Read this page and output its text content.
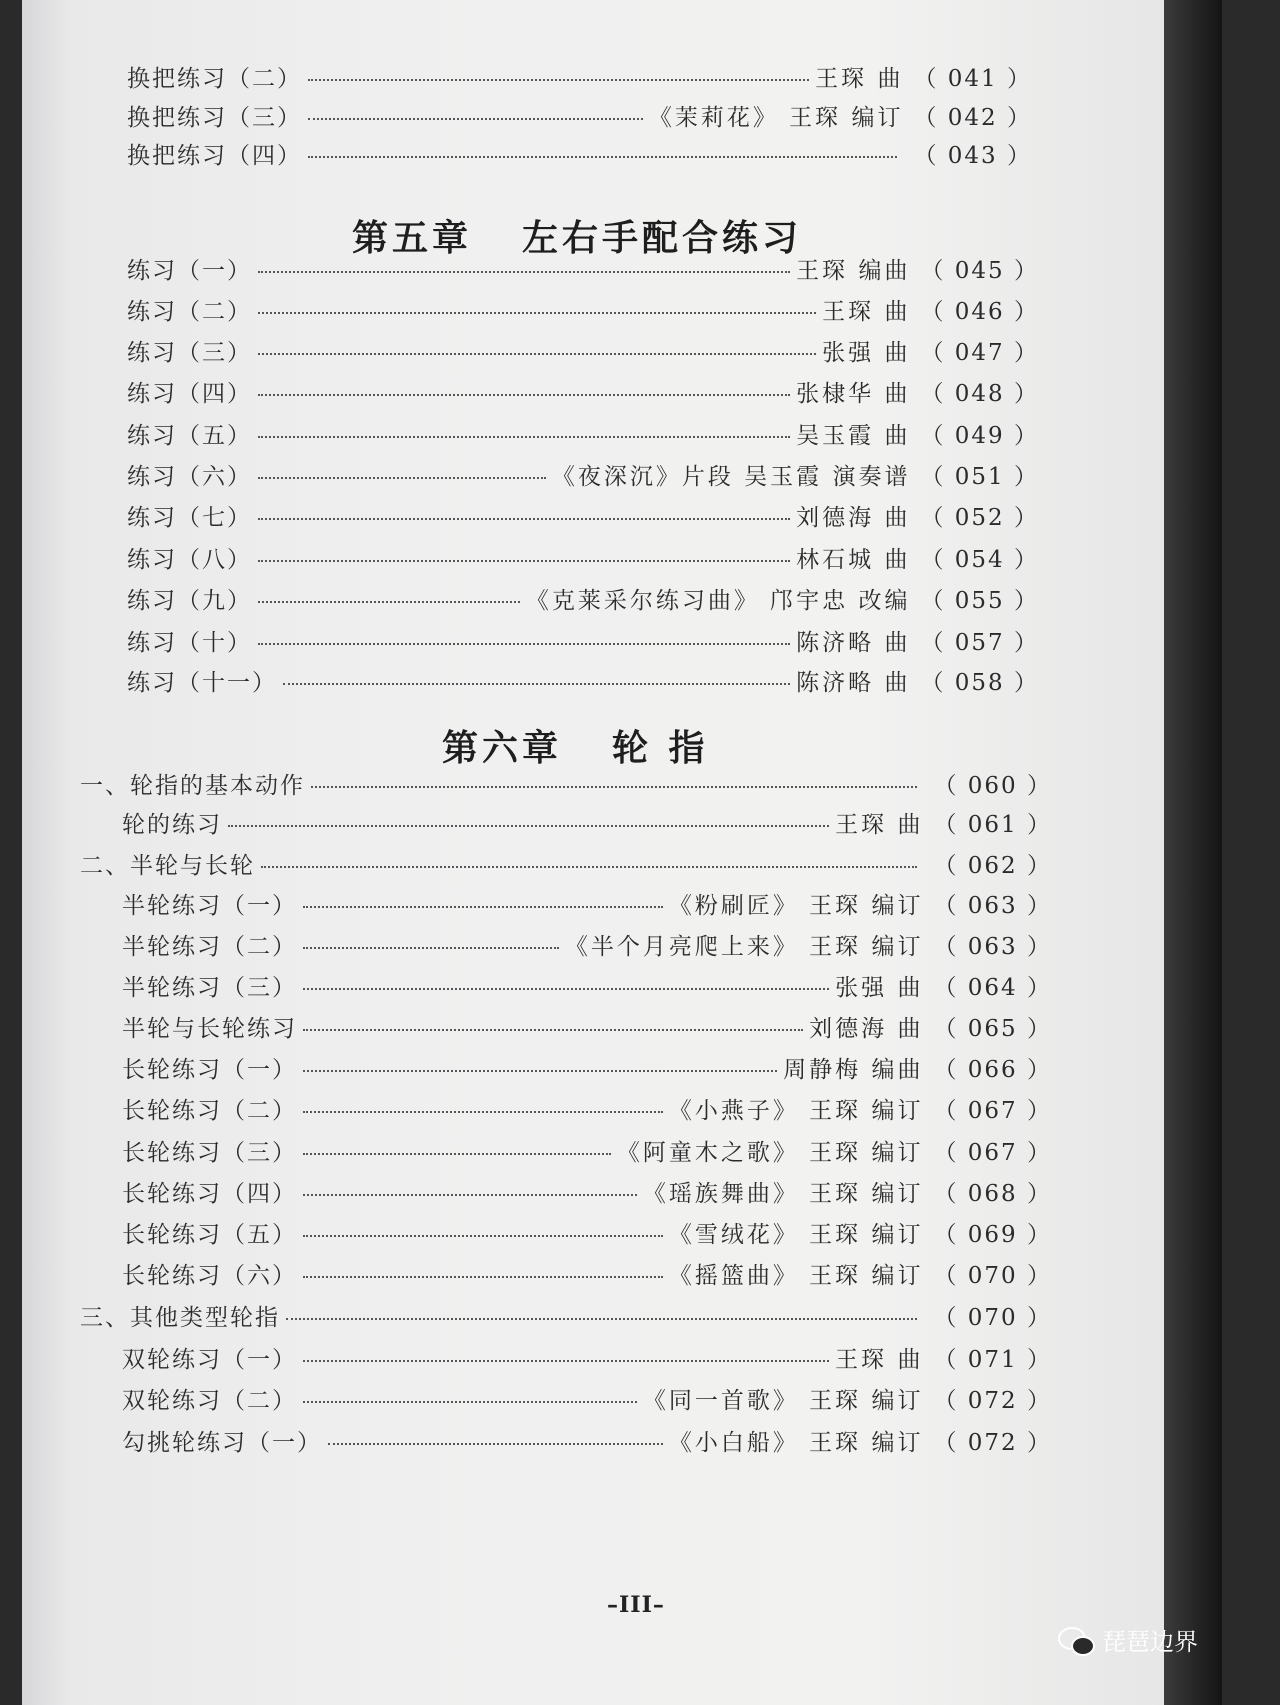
换把练习（二）	王琛 曲 （ 041 ）
换把练习（三）	《茉莉花》 王琛 编订 （ 042 ）
换把练习（四）	（ 043 ）
第五章 左右手配合练习
练习（一）	王琛 编曲 （ 045 ）
练习（二）	王琛 曲 （ 046 ）
练习（三）	张强 曲 （ 047 ）
练习（四）	张棣华 曲 （ 048 ）
练习（五）	吴玉霞 曲 （ 049 ）
练习（六）	《夜深沉》片段 吴玉霞 演奏谱 （ 051 ）
练习（七）	刘德海 曲 （ 052 ）
练习（八）	林石城 曲 （ 054 ）
练习（九）	《克莱采尔练习曲》 邝宇忠 改编 （ 055 ）
练习（十）	陈济略 曲 （ 057 ）
练习（十一）	陈济略 曲 （ 058 ）
第六章 轮 指
一、轮指的基本动作	（ 060 ）
轮的练习	王琛 曲 （ 061 ）
二、半轮与长轮	（ 062 ）
半轮练习（一）	《粉刷匠》 王琛 编订 （ 063 ）
半轮练习（二）	《半个月亮爬上来》 王琛 编订 （ 063 ）
半轮练习（三）	张强 曲 （ 064 ）
半轮与长轮练习	刘德海 曲 （ 065 ）
长轮练习（一）	周静梅 编曲 （ 066 ）
长轮练习（二）	《小燕子》 王琛 编订 （ 067 ）
长轮练习（三）	《阿童木之歌》 王琛 编订 （ 067 ）
长轮练习（四）	《瑶族舞曲》 王琛 编订 （ 068 ）
长轮练习（五）	《雪绒花》 王琛 编订 （ 069 ）
长轮练习（六）	《摇篮曲》 王琛 编订 （ 070 ）
三、其他类型轮指	（ 070 ）
双轮练习（一）	王琛 曲 （ 071 ）
双轮练习（二）	《同一首歌》 王琛 编订 （ 072 ）
勾挑轮练习（一）	《小白船》 王琛 编订 （ 072 ）
–III–
琵琶边界
